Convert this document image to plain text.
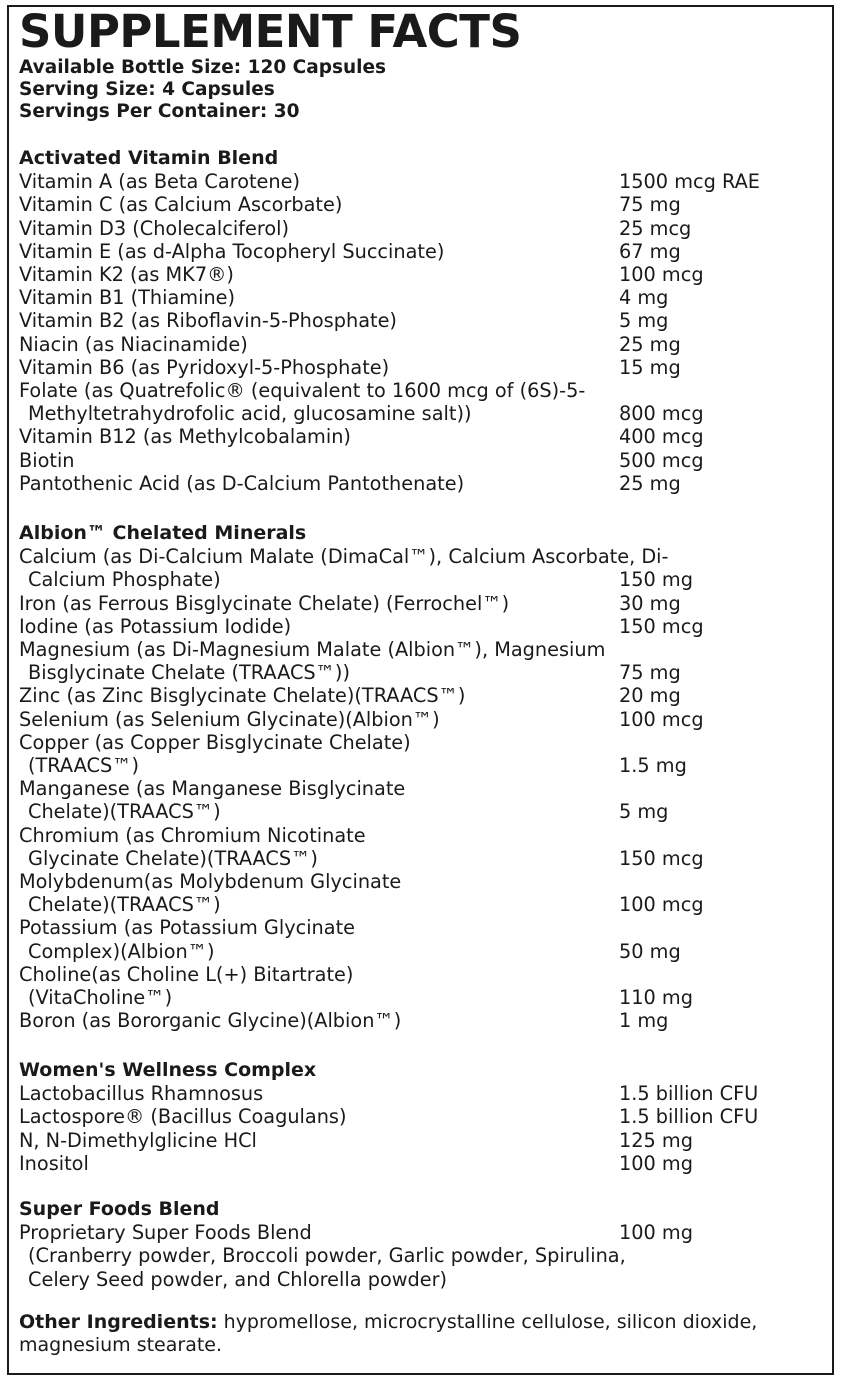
SUPPLEMENT FACTS
Available Bottle Size: 120 Capsules
Serving Size: 4 Capsules
Servings Per Container: 30
Activated Vitamin Blend
Vitamin A (as Beta Carotene)	1500 mcg RAE
Vitamin C (as Calcium Ascorbate)	75 mg
Vitamin D3 (Cholecalciferol)	25 mcg
Vitamin E (as d-Alpha Tocopheryl Succinate)	67 mg
Vitamin K2 (as MK7®)	100 mcg
Vitamin B1 (Thiamine)	4 mg
Vitamin B2 (as Riboflavin-5-Phosphate)	5 mg
Niacin (as Niacinamide)	25 mg
Vitamin B6 (as Pyridoxyl-5-Phosphate)	15 mg
Folate (as Quatrefolic® (equivalent to 1600 mcg of (6S)-5-
Methyltetrahydrofolic acid, glucosamine salt))	800 mcg
Vitamin B12 (as Methylcobalamin)	400 mcg
Biotin	500 mcg
Pantothenic Acid (as D-Calcium Pantothenate)	25 mg
Albion™ Chelated Minerals
Calcium (as Di-Calcium Malate (DimaCal™), Calcium Ascorbate, Di-
Calcium Phosphate)	150 mg
Iron (as Ferrous Bisglycinate Chelate) (Ferrochel™)	30 mg
Iodine (as Potassium Iodide)	150 mcg
Magnesium (as Di-Magnesium Malate (Albion™), Magnesium
Bisglycinate Chelate (TRAACS™))	75 mg
Zinc (as Zinc Bisglycinate Chelate)(TRAACS™)	20 mg
Selenium (as Selenium Glycinate)(Albion™)	100 mcg
Copper (as Copper Bisglycinate Chelate)
(TRAACS™)	1.5 mg
Manganese (as Manganese Bisglycinate
Chelate)(TRAACS™)	5 mg
Chromium (as Chromium Nicotinate
Glycinate Chelate)(TRAACS™)	150 mcg
Molybdenum(as Molybdenum Glycinate
Chelate)(TRAACS™)	100 mcg
Potassium (as Potassium Glycinate
Complex)(Albion™)	50 mg
Choline(as Choline L(+) Bitartrate)
(VitaCholine™)	110 mg
Boron (as Bororganic Glycine)(Albion™)	1 mg
Women's Wellness Complex
Lactobacillus Rhamnosus	1.5 billion CFU
Lactospore® (Bacillus Coagulans)	1.5 billion CFU
N, N-Dimethylglicine HCl	125 mg
Inositol	100 mg
Super Foods Blend
Proprietary Super Foods Blend	100 mg
(Cranberry powder, Broccoli powder, Garlic powder, Spirulina,
Celery Seed powder, and Chlorella powder)
Other Ingredients: hypromellose, microcrystalline cellulose, silicon dioxide,
magnesium stearate.
